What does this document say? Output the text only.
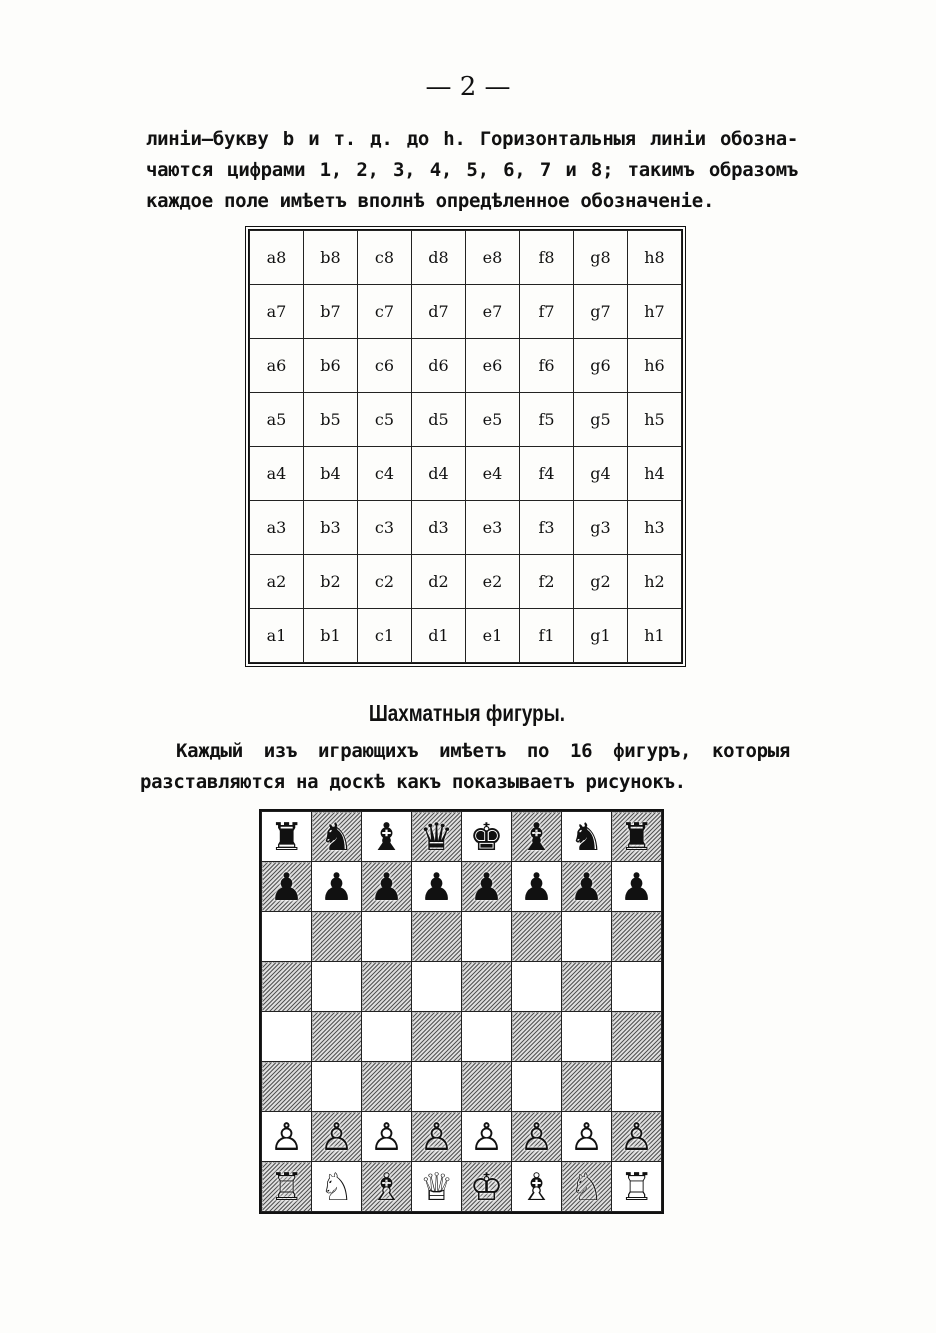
— 2 —
линіи—букву b и т. д. до h. Горизонтальныя линіи обозна-
чаются цифрами 1, 2, 3, 4, 5, 6, 7 и 8; такимъ образомъ
каждое поле имѣетъ вполнѣ опредѣленное обозначеніе.
a8	b8	c8	d8	e8	f8	g8	h8
a7	b7	c7	d7	e7	f7	g7	h7
a6	b6	c6	d6	e6	f6	g6	h6
a5	b5	c5	d5	e5	f5	g5	h5
a4	b4	c4	d4	e4	f4	g4	h4
a3	b3	c3	d3	e3	f3	g3	h3
a2	b2	c2	d2	e2	f2	g2	h2
a1	b1	c1	d1	e1	f1	g1	h1
Шахматныя фигуры.
Каждый изъ играющихъ имѣетъ по 16 фигуръ, которыя
разставляются на доскѣ какъ показываетъ рисунокъ.
♜	♞	♝	♛	♚	♝	♞	♜
♟	♟	♟	♟	♟	♟	♟	♟

♙	♙	♙	♙	♙	♙	♙	♙
♖	♘	♗	♕	♔	♗	♘	♖
